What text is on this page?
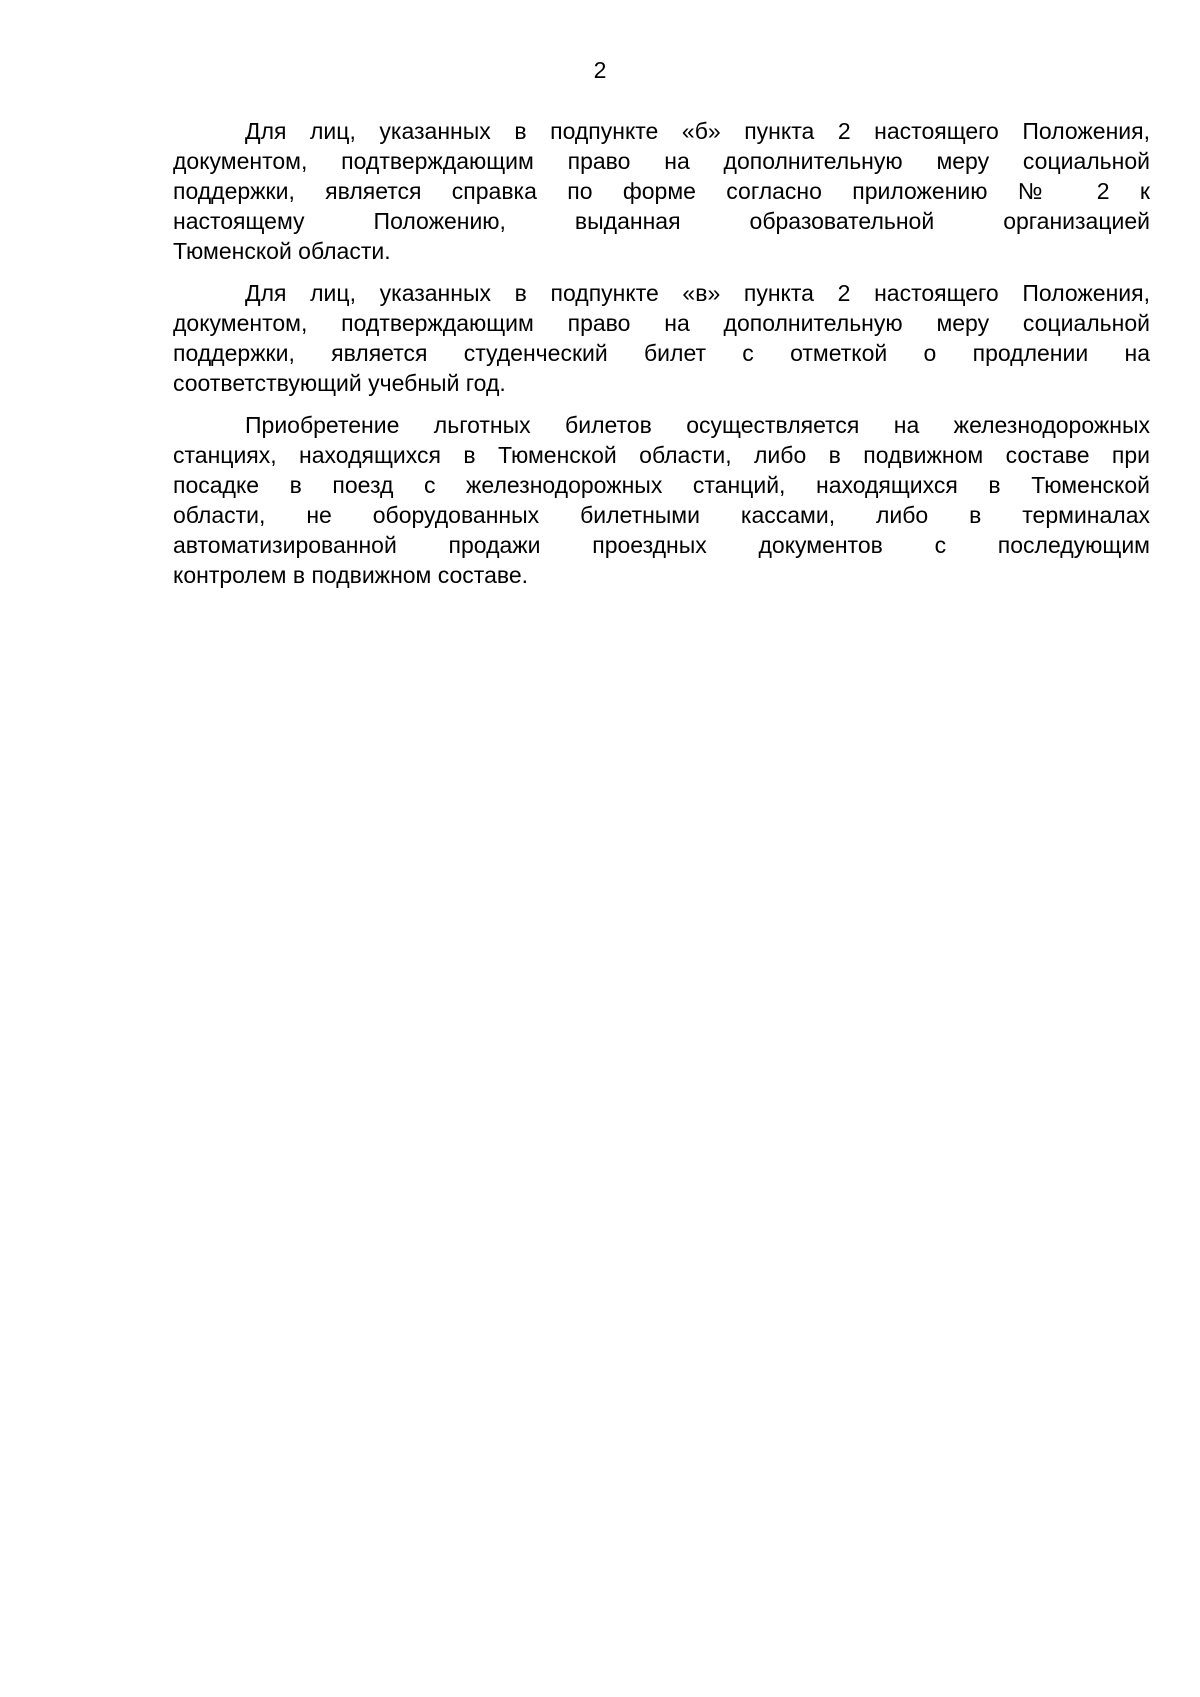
2

Для лиц, указанных в подпункте «б» пункта 2 настоящего Положения,
документом, подтверждающим право на дополнительную меру социальной
поддержки, является справка по форме согласно приложению № 2 к
настоящему Положению, выданная образовательной организацией
Тюменской области.

Для лиц, указанных в подпункте «в» пункта 2 настоящего Положения,
документом, подтверждающим право на дополнительную меру социальной
поддержки, является студенческий билет с отметкой о продлении на
соответствующий учебный год.

Приобретение льготных билетов осуществляется на железнодорожных
станциях, находящихся в Тюменской области, либо в подвижном составе при
посадке в поезд с железнодорожных станций, находящихся в Тюменской
области, не оборудованных билетными кассами, либо в терминалах
автоматизированной продажи проездных документов с последующим
контролем в подвижном составе.
